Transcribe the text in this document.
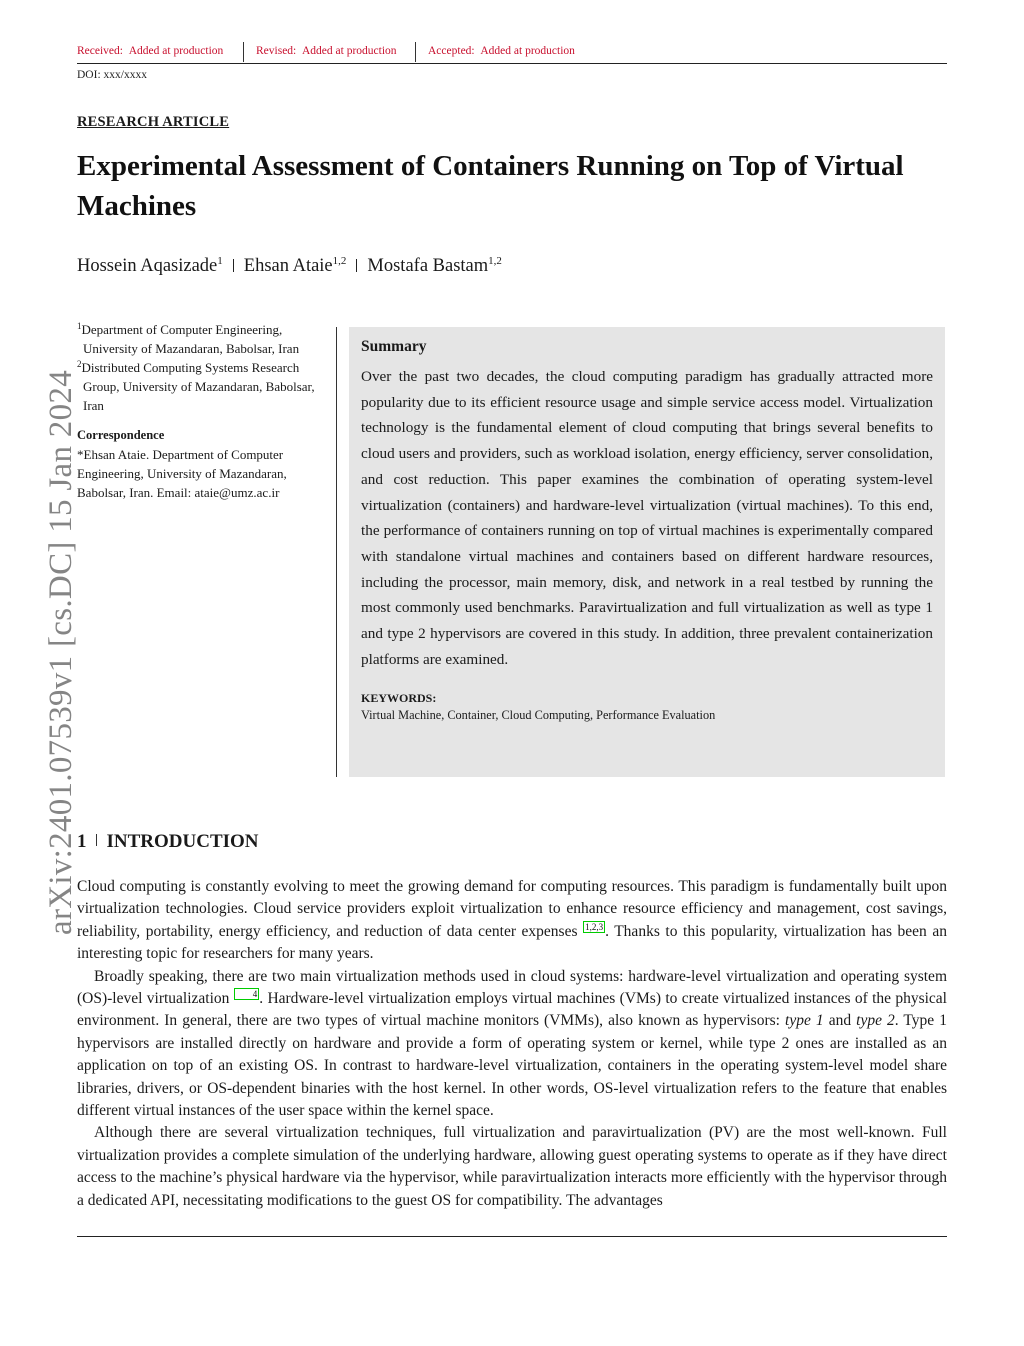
Received: Added at production	Revised: Added at production	Accepted: Added at production
DOI: xxx/xxxx
RESEARCH ARTICLE
Experimental Assessment of Containers Running on Top of Virtual Machines
Hossein Aqasizade$^1$ Ehsan Ataie$^{1,2}$ Mostafa Bastam$^{1,2}$
$^1$Department of Computer Engineering, University of Mazandaran, Babolsar, Iran
$^2$Distributed Computing Systems Research Group, University of Mazandaran, Babolsar, Iran
Correspondence
*Ehsan Ataie. Department of Computer Engineering, University of Mazandaran, Babolsar, Iran. Email: ataie@umz.ac.ir
Summary
Over the past two decades, the cloud computing paradigm has gradually attracted more popularity due to its efficient resource usage and simple service access model. Virtualization technology is the fundamental element of cloud computing that brings several benefits to cloud users and providers, such as workload isolation, energy efficiency, server consolidation, and cost reduction. This paper examines the combination of operating system-level virtualization (containers) and hardware-level virtualization (virtual machines). To this end, the performance of containers running on top of virtual machines is experimentally compared with standalone virtual machines and containers based on different hardware resources, including the processor, main memory, disk, and network in a real testbed by running the most commonly used benchmarks. Paravirtualization and full virtualization as well as type 1 and type 2 hypervisors are covered in this study. In addition, three prevalent containerization platforms are examined.
KEYWORDS:
Virtual Machine, Container, Cloud Computing, Performance Evaluation
arXiv:2401.07539v1 [cs.DC] 15 Jan 2024
1 INTRODUCTION

Cloud computing is constantly evolving to meet the growing demand for computing resources. This paradigm is fundamentally built upon virtualization technologies. Cloud service providers exploit virtualization to enhance resource efficiency and management, cost savings, reliability, portability, energy efficiency, and reduction of data center expenses 1,2,3 . Thanks to this popularity, virtualization has been an interesting topic for researchers for many years.

Broadly speaking, there are two main virtualization methods used in cloud systems: hardware-level virtualization and operating system (OS)-level virtualization 4 . Hardware-level virtualization employs virtual machines (VMs) to create virtualized instances of the physical environment. In general, there are two types of virtual machine monitors (VMMs), also known as hypervisors: type 1 and type 2. Type 1 hypervisors are installed directly on hardware and provide a form of operating system or kernel, while type 2 ones are installed as an application on top of an existing OS. In contrast to hardware-level virtualization, containers in the operating system-level model share libraries, drivers, or OS-dependent binaries with the host kernel. In other words, OS-level virtualization refers to the feature that enables different virtual instances of the user space within the kernel space.

Although there are several virtualization techniques, full virtualization and paravirtualization (PV) are the most well-known. Full virtualization provides a complete simulation of the underlying hardware, allowing guest operating systems to operate as if they have direct access to the machine’s physical hardware via the hypervisor, while paravirtualization interacts more efficiently with the hypervisor through a dedicated API, necessitating modifications to the guest OS for compatibility. The advantages
